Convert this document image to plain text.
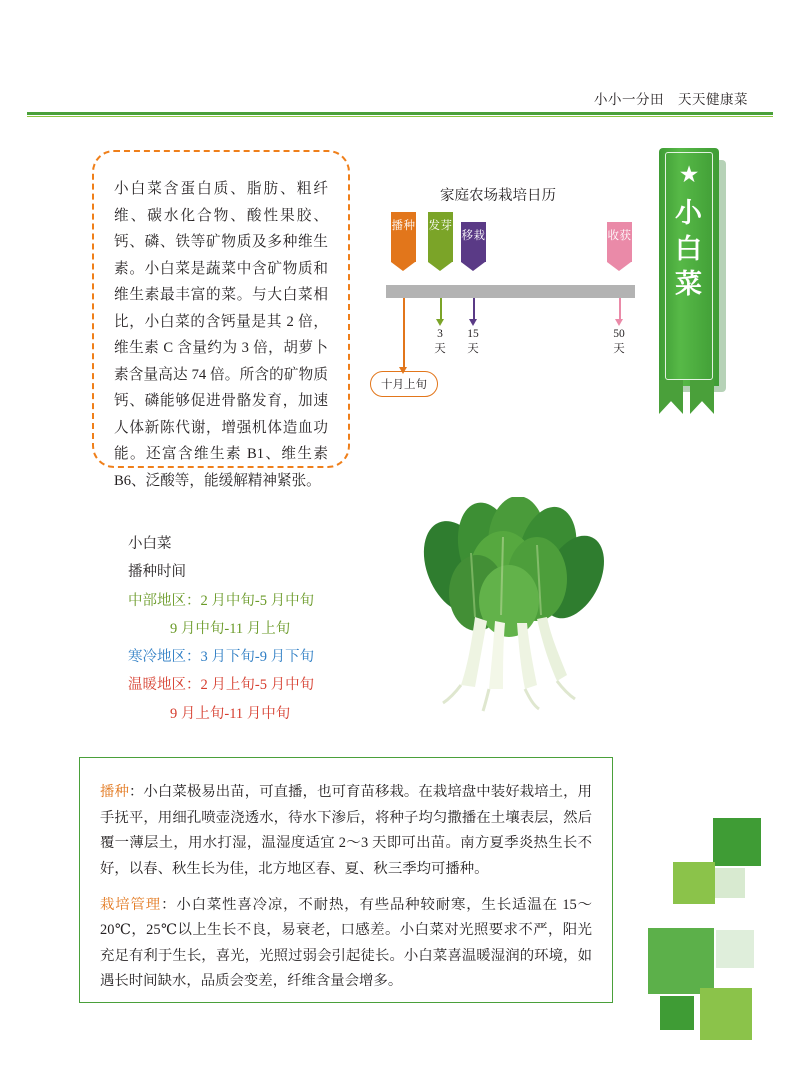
小小一分田　天天健康菜

小白菜含蛋白质、脂肪、粗纤维、碳水化合物、酸性果胶、钙、磷、铁等矿物质及多种维生素。小白菜是蔬菜中含矿物质和维生素最丰富的菜。与大白菜相比，小白菜的含钙量是其 2 倍，维生素 C 含量约为 3 倍，胡萝卜素含量高达 74 倍。所含的矿物质钙、磷能够促进骨骼发育，加速人体新陈代谢，增强机体造血功能。还富含维生素 B1、维生素 B6、泛酸等，能缓解精神紧张。

家庭农场栽培日历
播种 发芽
移栽	收获
十月上旬
3
天
15
天
50
天
★
小白菜
小白菜
播种时间
中部地区：2 月中旬-5 月中旬
9 月中旬-11 月上旬
寒冷地区：3 月下旬-9 月下旬
温暖地区：2 月上旬-5 月中旬
9 月上旬-11 月中旬

播种：小白菜极易出苗，可直播，也可育苗移栽。在栽培盘中装好栽培土，用手抚平，用细孔喷壶浇透水，待水下渗后，将种子均匀撒播在土壤表层，然后覆一薄层土，用水打湿，温湿度适宜 2～3 天即可出苗。南方夏季炎热生长不好，以春、秋生长为佳，北方地区春、夏、秋三季均可播种。

栽培管理：小白菜性喜冷凉，不耐热，有些品种较耐寒，生长适温在 15～20℃，25℃以上生长不良，易衰老，口感差。小白菜对光照要求不严，阳光充足有利于生长，喜光，光照过弱会引起徒长。小白菜喜温暖湿润的环境，如遇长时间缺水，品质会变差，纤维含量会增多。
